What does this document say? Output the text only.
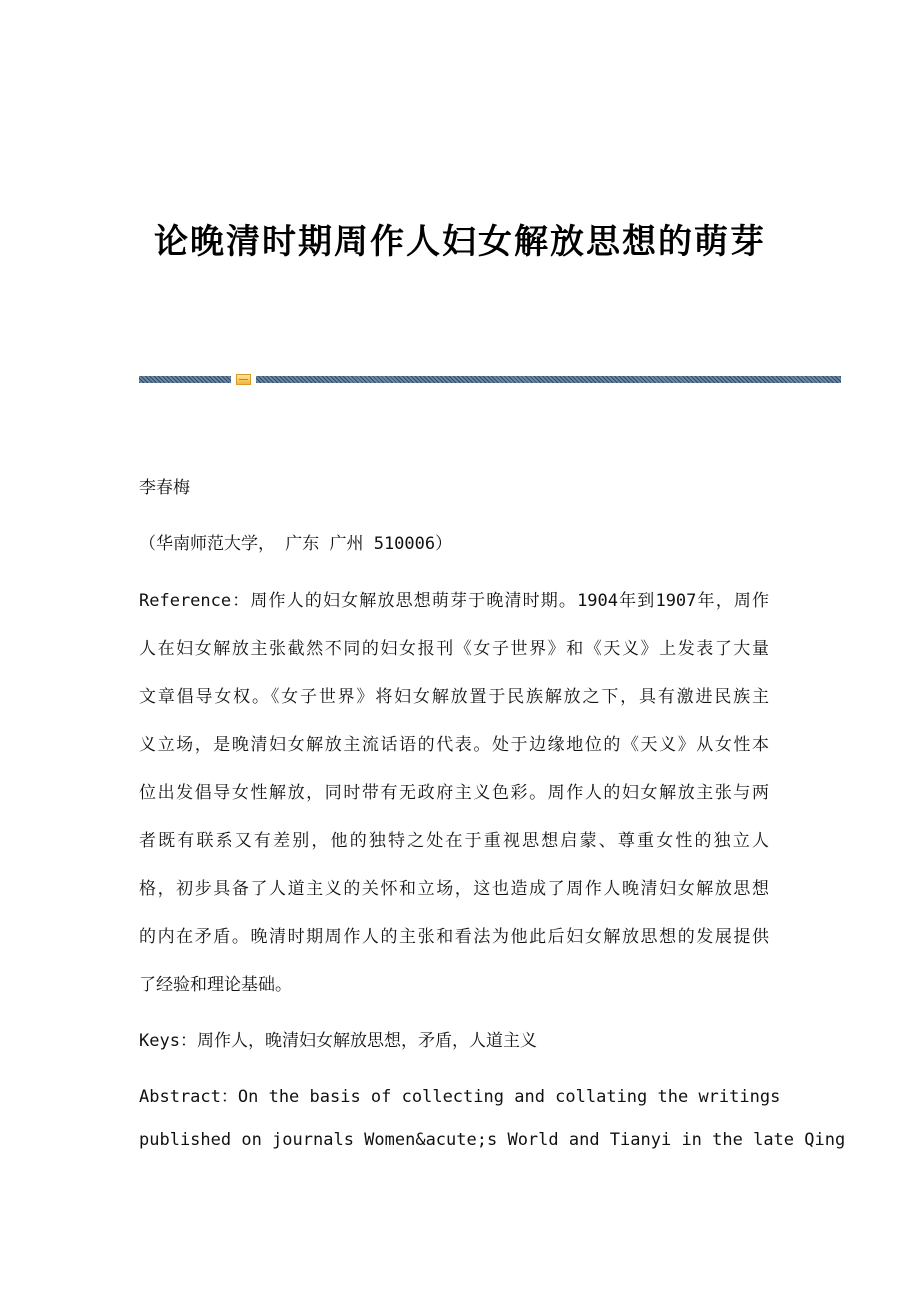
论晚清时期周作人妇女解放思想的萌芽
李春梅
（华南师范大学， 广东 广州 510006）
Reference：周作人的妇女解放思想萌芽于晚清时期。1904年到1907年，周作
人在妇女解放主张截然不同的妇女报刊《女子世界》和《天义》上发表了大量
文章倡导女权。《女子世界》将妇女解放置于民族解放之下，具有激进民族主
义立场，是晚清妇女解放主流话语的代表。处于边缘地位的《天义》从女性本
位出发倡导女性解放，同时带有无政府主义色彩。周作人的妇女解放主张与两
者既有联系又有差别，他的独特之处在于重视思想启蒙、尊重女性的独立人
格，初步具备了人道主义的关怀和立场，这也造成了周作人晚清妇女解放思想
的内在矛盾。晚清时期周作人的主张和看法为他此后妇女解放思想的发展提供
了经验和理论基础。
Keys：周作人，晚清妇女解放思想，矛盾，人道主义
Abstract：On the basis of collecting and collating the writings
published on journals Women&acute;s World and Tianyi in the late Qing
